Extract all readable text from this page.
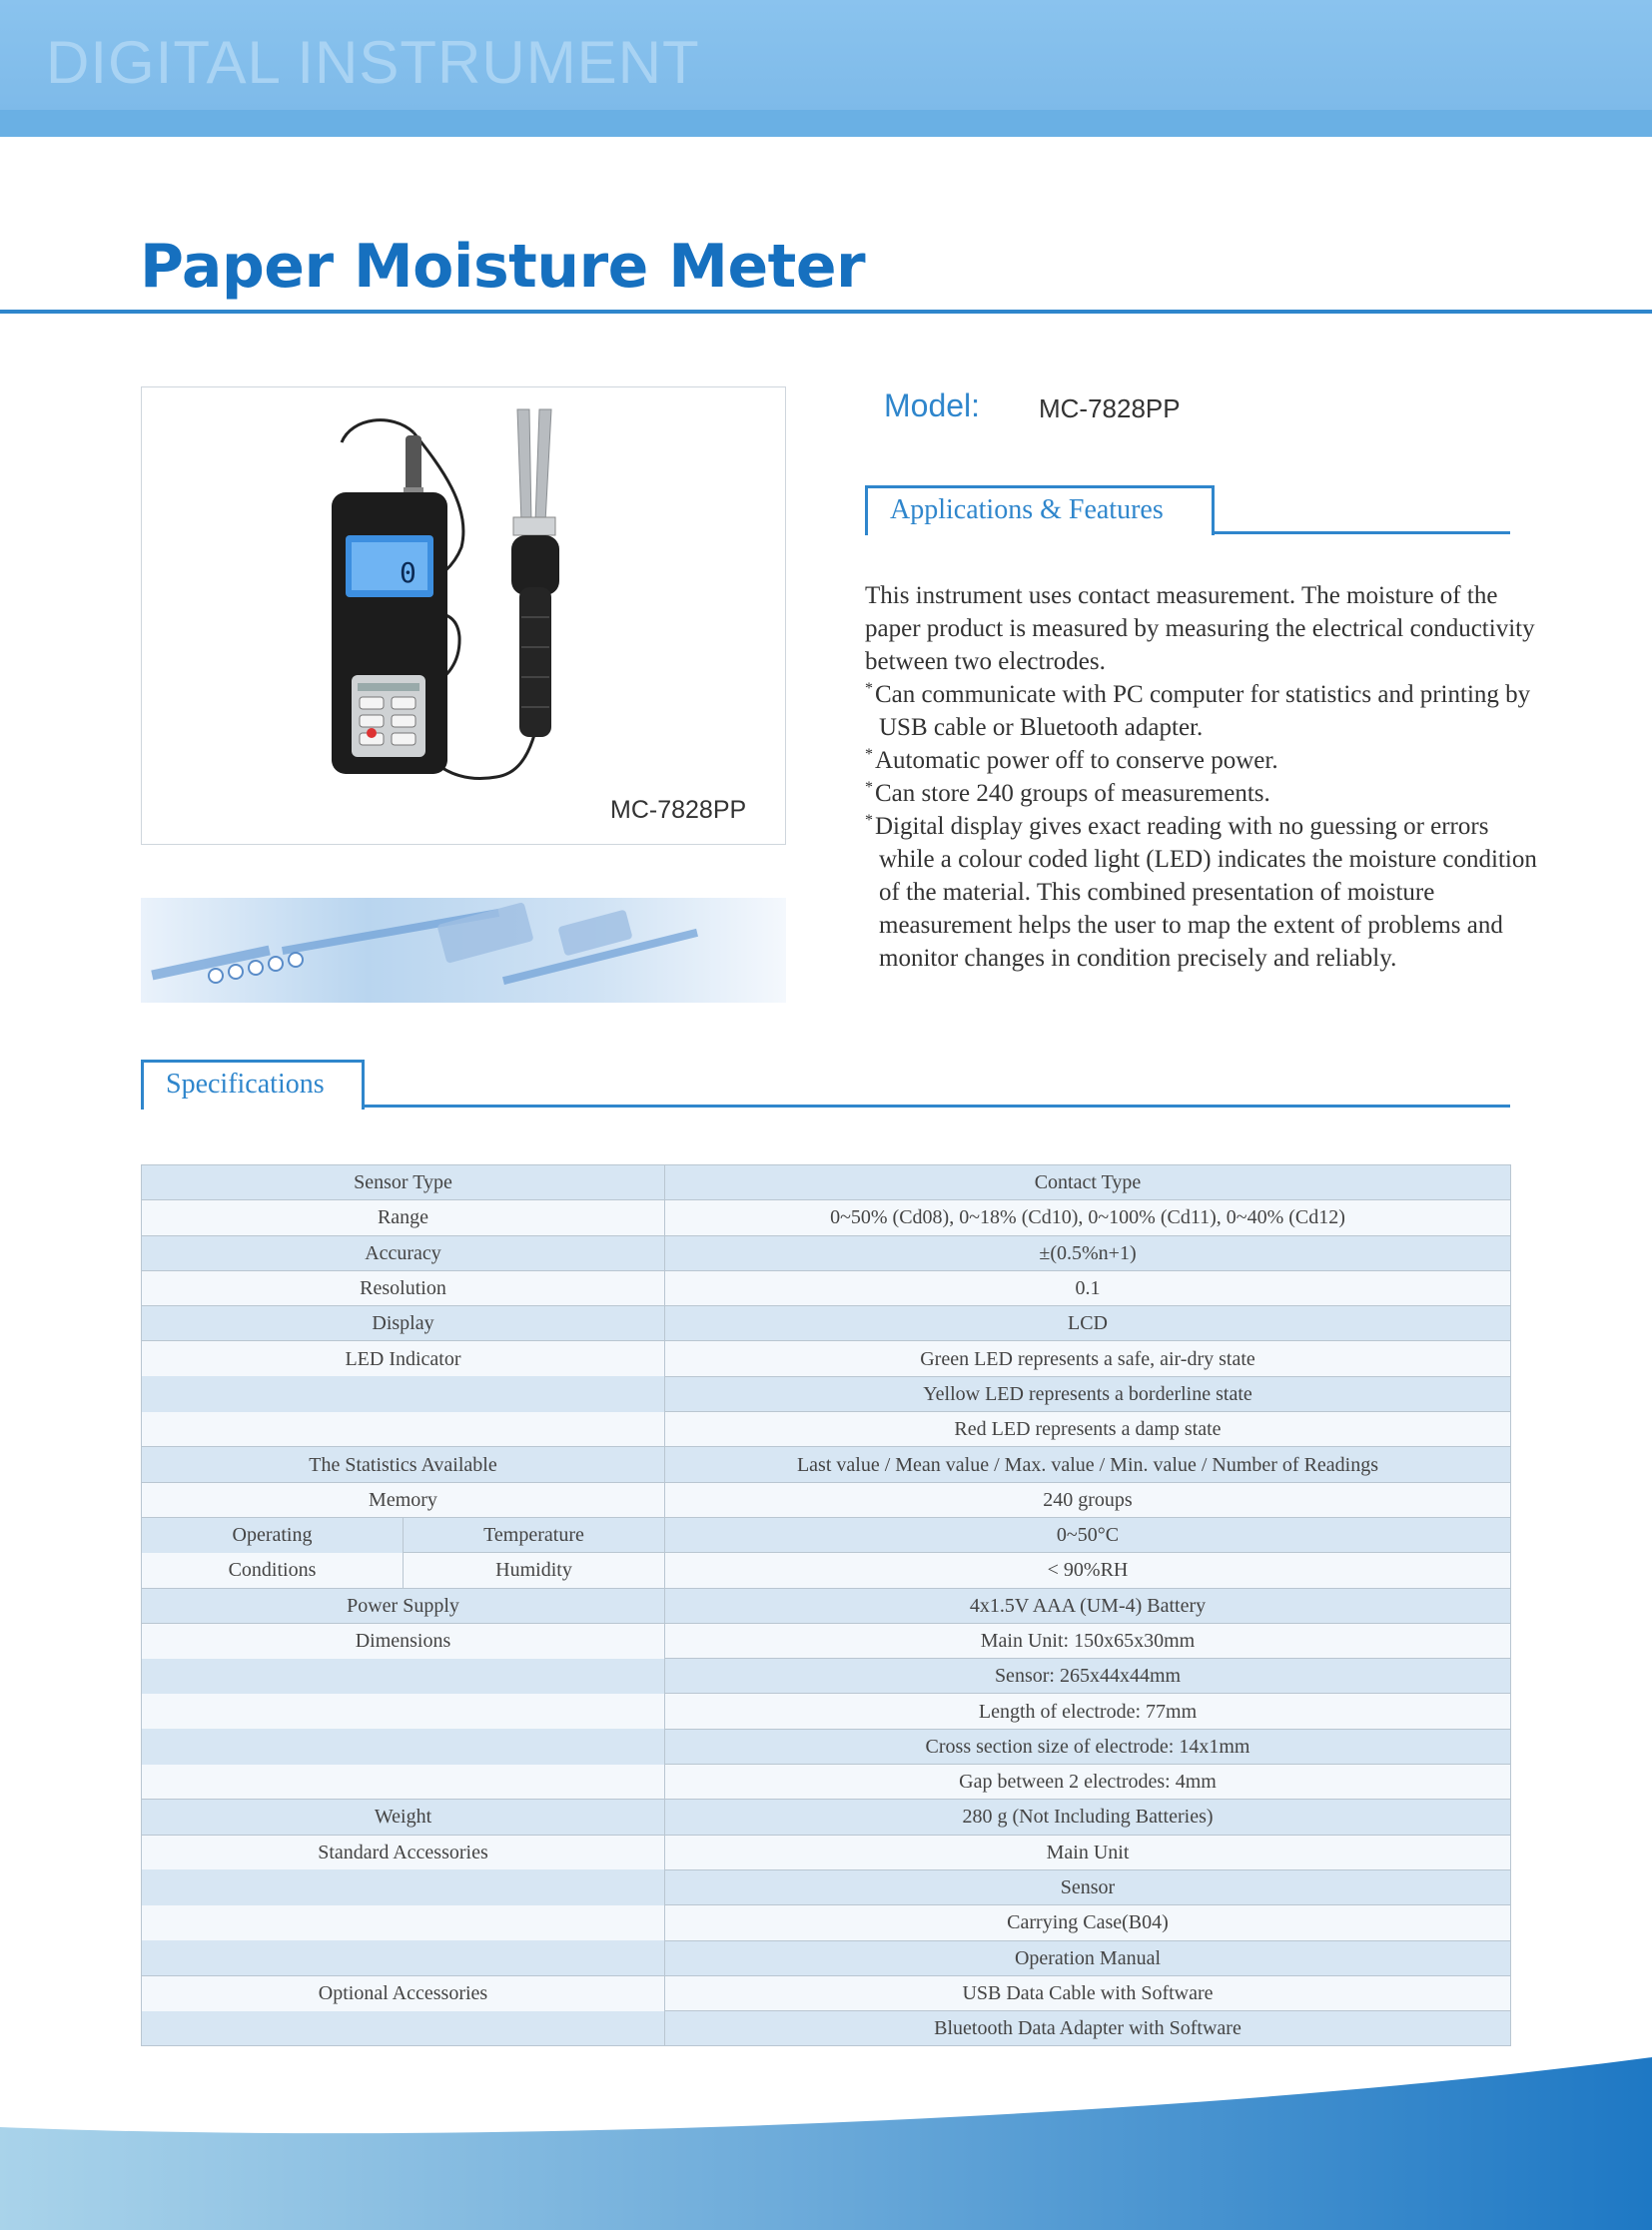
DIGITAL INSTRUMENT
Paper Moisture Meter
0
MC-7828PP
Model: MC-7828PP
Applications & Features

This instrument uses contact measurement. The moisture of the paper product is measured by measuring the electrical conductivity between two electrodes.

*Can communicate with PC computer for statistics and printing by USB cable or Bluetooth adapter.

*Automatic power off to conserve power.

*Can store 240 groups of measurements.

*Digital display gives exact reading with no guessing or errors while a colour coded light (LED) indicates the moisture condition of the material. This combined presentation of moisture measurement helps the user to map the extent of problems and monitor changes in condition precisely and reliably.

Specifications
Sensor Type		Contact Type
Range		0~50% (Cd08), 0~18% (Cd10), 0~100% (Cd11), 0~40% (Cd12)
Accuracy		±(0.5%n+1)
Resolution		0.1
Display		LCD
LED Indicator		Green LED represents a safe, air-dry state
		Yellow LED represents a borderline state
		Red LED represents a damp state
The Statistics Available		Last value / Mean value / Max. value / Min. value / Number of Readings
Memory		240 groups
Operating	Temperature	0~50°C
Conditions	Humidity	< 90%RH
Power Supply		4x1.5V AAA (UM-4) Battery
Dimensions		Main Unit: 150x65x30mm
		Sensor: 265x44x44mm
		Length of electrode: 77mm
		Cross section size of electrode: 14x1mm
		Gap between 2 electrodes: 4mm
Weight		280 g (Not Including Batteries)
Standard Accessories		Main Unit
		Sensor
		Carrying Case(B04)
		Operation Manual
Optional Accessories		USB Data Cable with Software
		Bluetooth Data Adapter with Software
